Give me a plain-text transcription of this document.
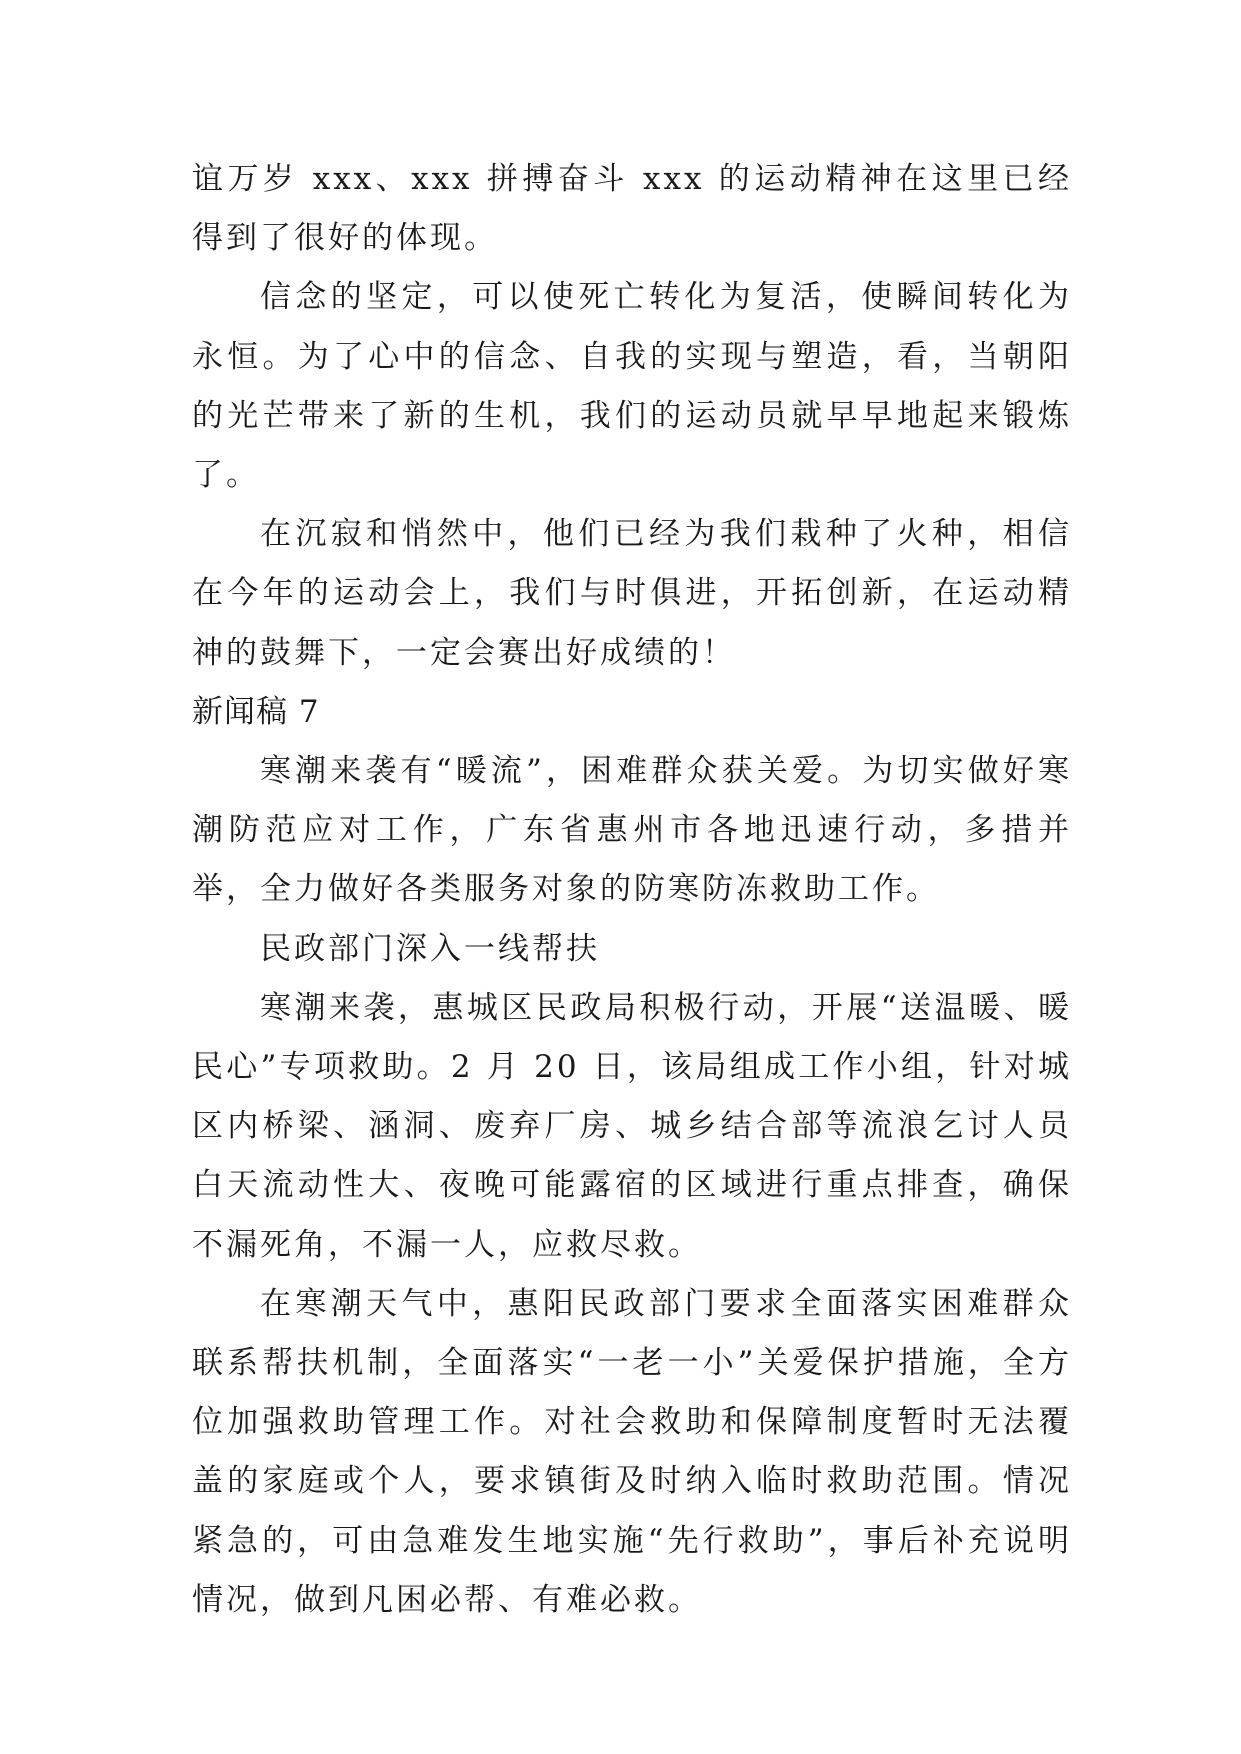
谊万岁 xxx、xxx 拼搏奋斗 xxx 的运动精神在这里已经得到了很好的体现。

信念的坚定，可以使死亡转化为复活，使瞬间转化为永恒。为了心中的信念、自我的实现与塑造，看，当朝阳的光芒带来了新的生机，我们的运动员就早早地起来锻炼了。

在沉寂和悄然中，他们已经为我们栽种了火种，相信在今年的运动会上，我们与时俱进，开拓创新，在运动精神的鼓舞下，一定会赛出好成绩的！

新闻稿 7

寒潮来袭有“暖流”，困难群众获关爱。为切实做好寒潮防范应对工作，广东省惠州市各地迅速行动，多措并举，全力做好各类服务对象的防寒防冻救助工作。

民政部门深入一线帮扶

寒潮来袭，惠城区民政局积极行动，开展“送温暖、暖民心”专项救助。2 月 20 日，该局组成工作小组，针对城区内桥梁、涵洞、废弃厂房、城乡结合部等流浪乞讨人员白天流动性大、夜晚可能露宿的区域进行重点排查，确保不漏死角，不漏一人，应救尽救。

在寒潮天气中，惠阳民政部门要求全面落实困难群众联系帮扶机制，全面落实“一老一小”关爱保护措施，全方位加强救助管理工作。对社会救助和保障制度暂时无法覆盖的家庭或个人，要求镇街及时纳入临时救助范围。情况紧急的，可由急难发生地实施“先行救助”，事后补充说明情况，做到凡困必帮、有难必救。
